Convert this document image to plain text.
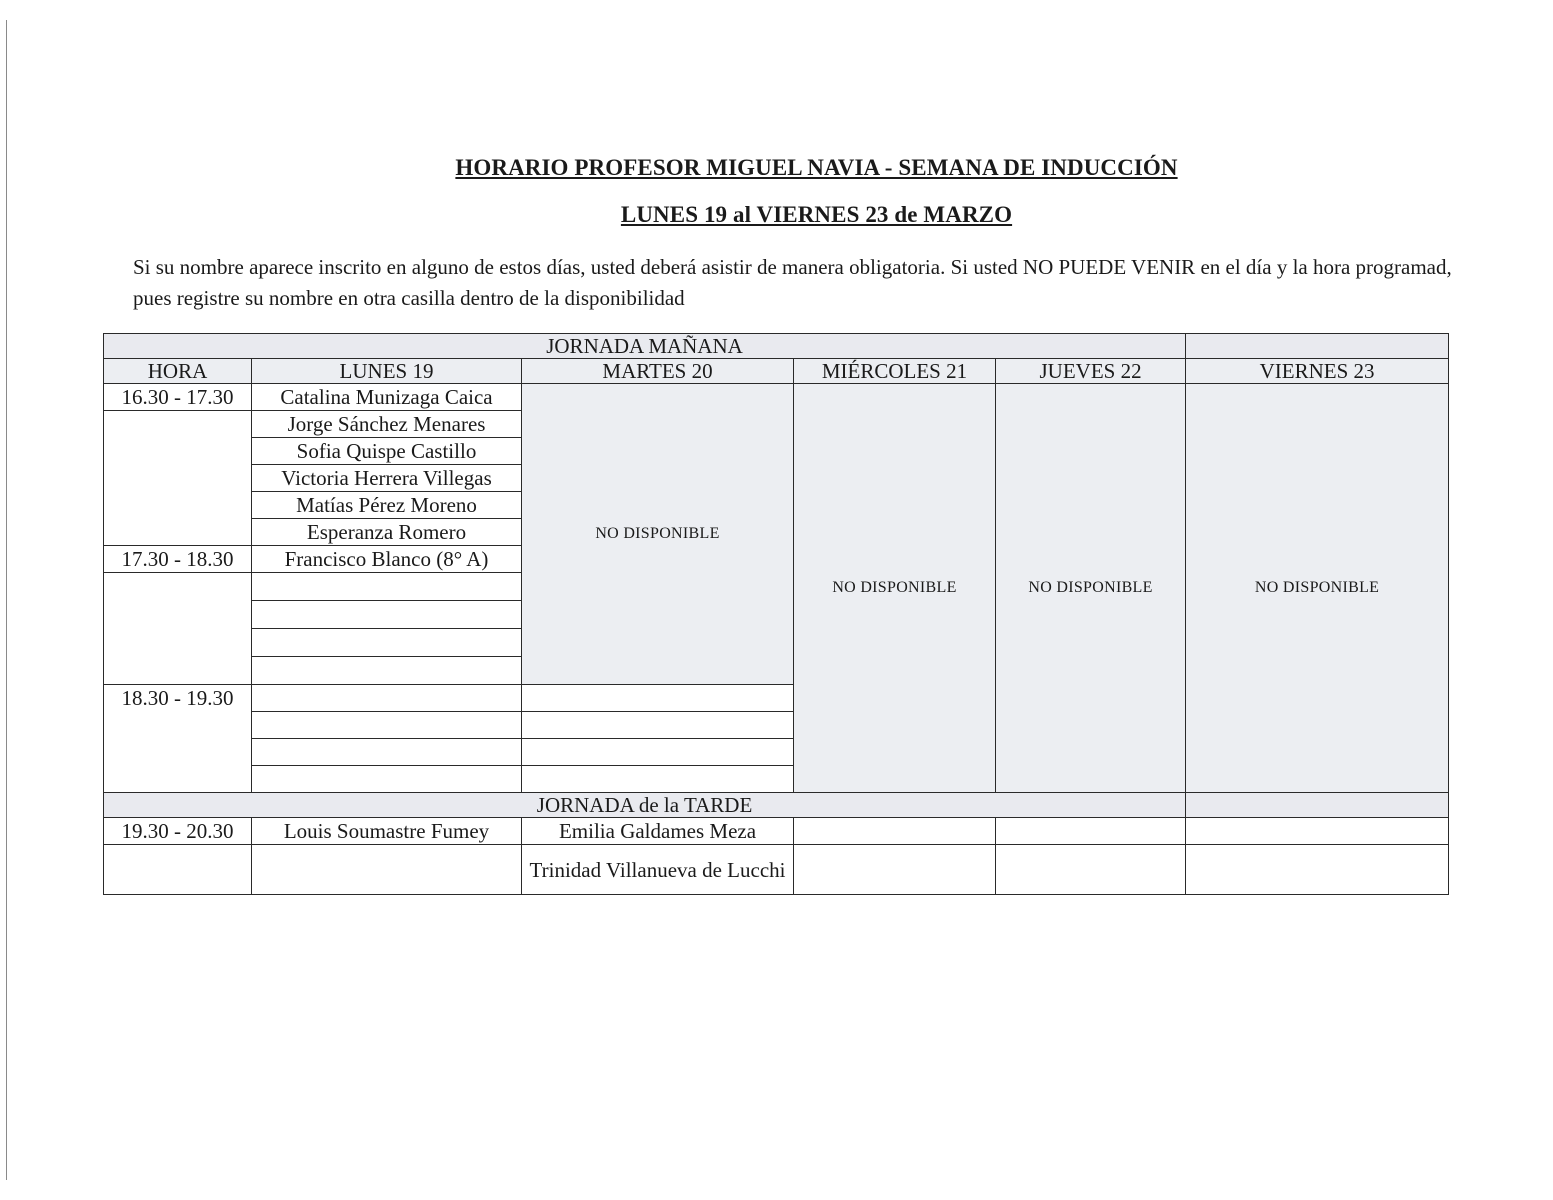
HORARIO PROFESOR MIGUEL NAVIA - SEMANA DE INDUCCIÓN
LUNES 19 al VIERNES 23 de MARZO
Si su nombre aparece inscrito en alguno de estos días, usted deberá asistir de manera obligatoria. Si usted NO PUEDE VENIR en el día y la hora programad, pues registre su nombre en otra casilla dentro de la disponibilidad
JORNADA MAÑANA					
HORA	LUNES 19	MARTES 20	MIÉRCOLES 21	JUEVES 22	VIERNES 23
16.30 - 17.30	Catalina Munizaga Caica	NO DISPONIBLE	NO DISPONIBLE	NO DISPONIBLE	NO DISPONIBLE
	Jorge Sánchez Menares				
	Sofia Quispe Castillo				
	Victoria Herrera Villegas				
	Matías Pérez Moreno				
	Esperanza Romero				
17.30 - 18.30	Francisco Blanco (8° A)				

18.30 - 19.30					

JORNADA de la TARDE					
19.30 - 20.30	Louis Soumastre Fumey	Emilia Galdames Meza			
		Trinidad Villanueva de Lucchi			
